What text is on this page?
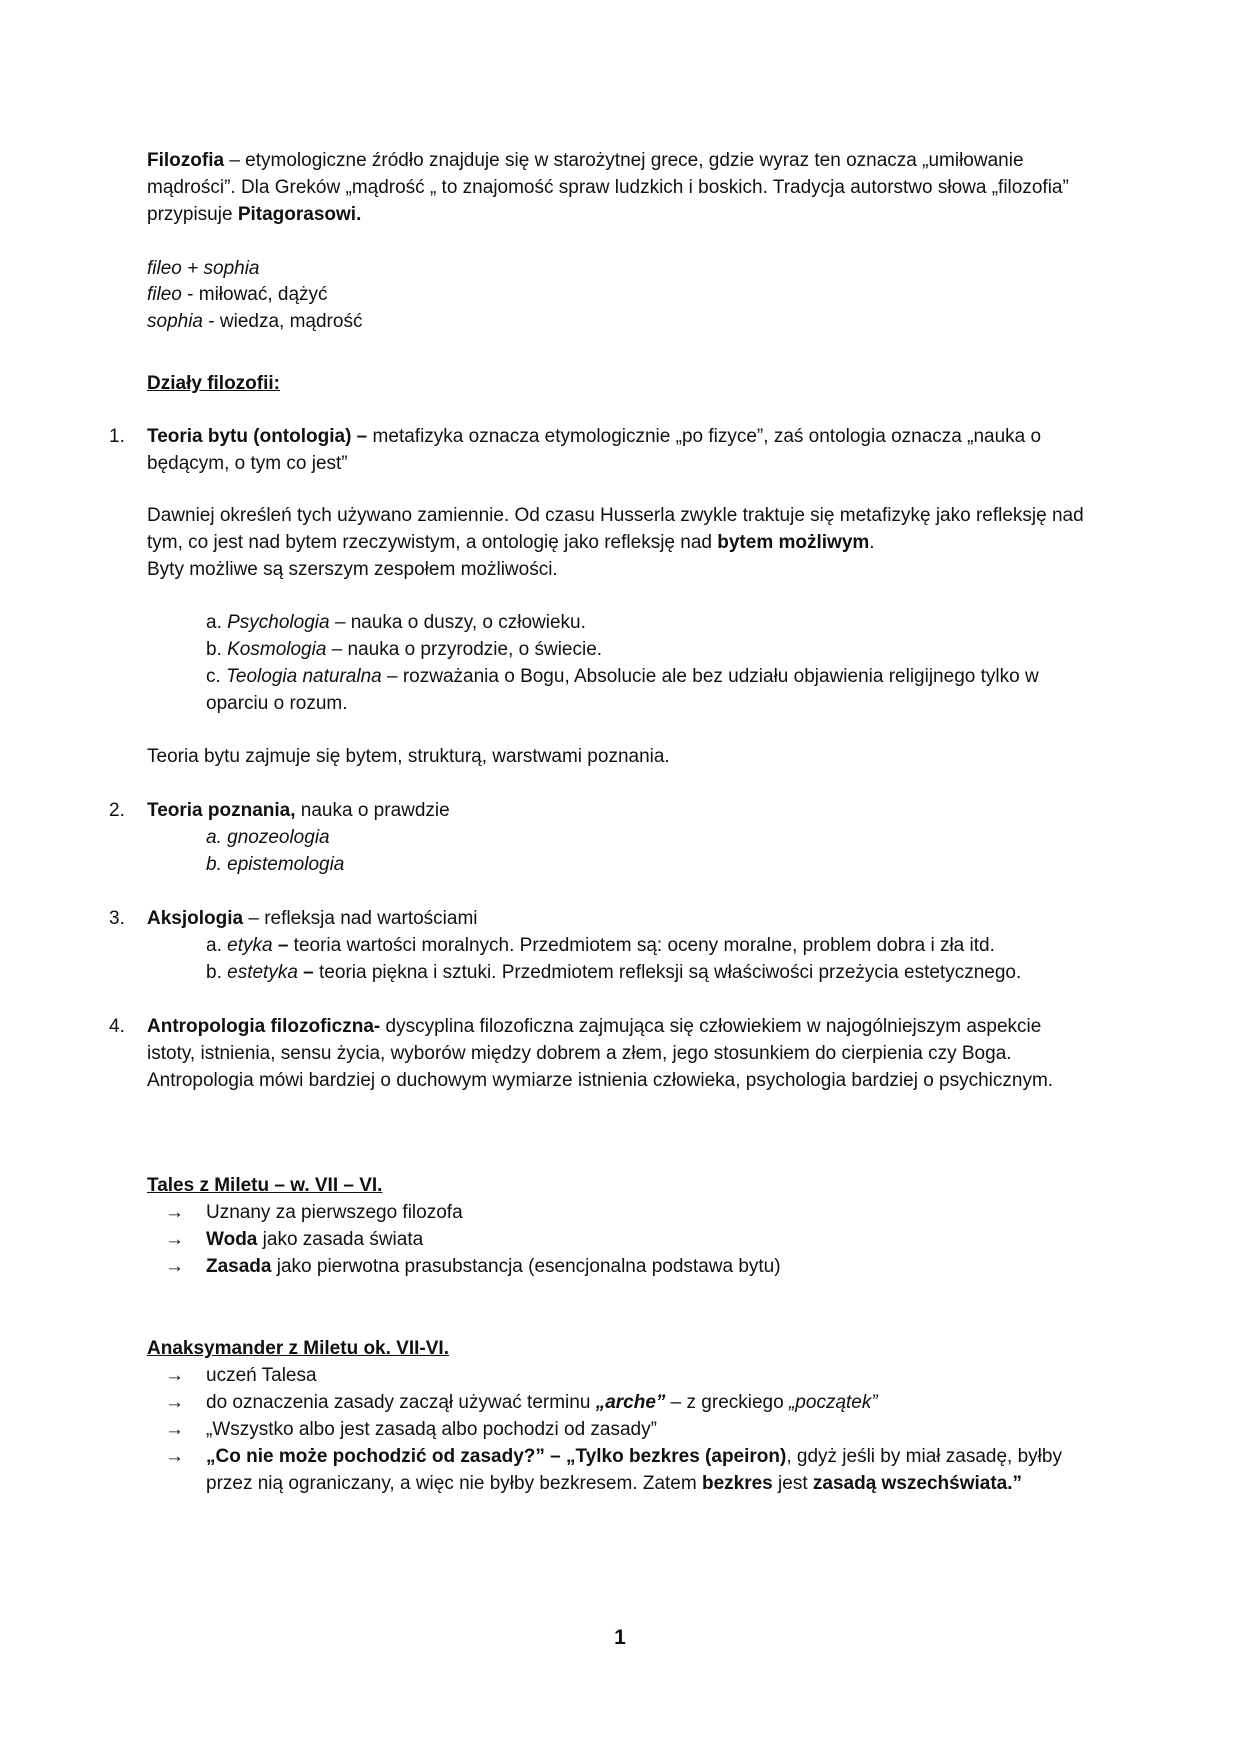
Filozofia – etymologiczne źródło znajduje się w starożytnej grece, gdzie wyraz ten oznacza „umiłowanie mądrości”. Dla Greków „mądrość „ to znajomość spraw ludzkich i boskich. Tradycja autorstwo słowa „filozofia” przypisuje Pitagorasowi.

fileo + sophia

fileo - miłować, dążyć

sophia - wiedza, mądrość

Działy filozofii:

1. Teoria bytu (ontologia) – metafizyka oznacza etymologicznie „po fizyce”, zaś ontologia oznacza „nauka o będącym, o tym co jest”

Dawniej określeń tych używano zamiennie. Od czasu Husserla zwykle traktuje się metafizykę jako refleksję nad tym, co jest nad bytem rzeczywistym, a ontologię jako refleksję nad bytem możliwym.
Byty możliwe są szerszym zespołem możliwości.

a. Psychologia – nauka o duszy, o człowieku.

b. Kosmologia – nauka o przyrodzie, o świecie.

c. Teologia naturalna – rozważania o Bogu, Absolucie ale bez udziału objawienia religijnego tylko w oparciu o rozum.

Teoria bytu zajmuje się bytem, strukturą, warstwami poznania.

2. Teoria poznania, nauka o prawdzie

a. gnozeologia

b. epistemologia

3. Aksjologia – refleksja nad wartościami

a. etyka – teoria wartości moralnych. Przedmiotem są: oceny moralne, problem dobra i zła itd.

b. estetyka – teoria piękna i sztuki. Przedmiotem refleksji są właściwości przeżycia estetycznego.

4. Antropologia filozoficzna- dyscyplina filozoficzna zajmująca się człowiekiem w najogólniejszym aspekcie istoty, istnienia, sensu życia, wyborów między dobrem a złem, jego stosunkiem do cierpienia czy Boga. Antropologia mówi bardziej o duchowym wymiarze istnienia człowieka, psychologia bardziej o psychicznym.

Tales z Miletu – w. VII – VI.

→	Uznany za pierwszego filozofa
→	Woda jako zasada świata
→	Zasada jako pierwotna prasubstancja (esencjonalna podstawa bytu)

Anaksymander z Miletu ok. VII-VI.

→	uczeń Talesa
→	do oznaczenia zasady zaczął używać terminu „arche” – z greckiego „początek”
→	„Wszystko albo jest zasadą albo pochodzi od zasady”
→	„Co nie może pochodzić od zasady?” – „Tylko bezkres (apeiron), gdyż jeśli by miał zasadę, byłby przez nią ograniczany, a więc nie byłby bezkresem. Zatem bezkres jest zasadą wszechświata.”
1
